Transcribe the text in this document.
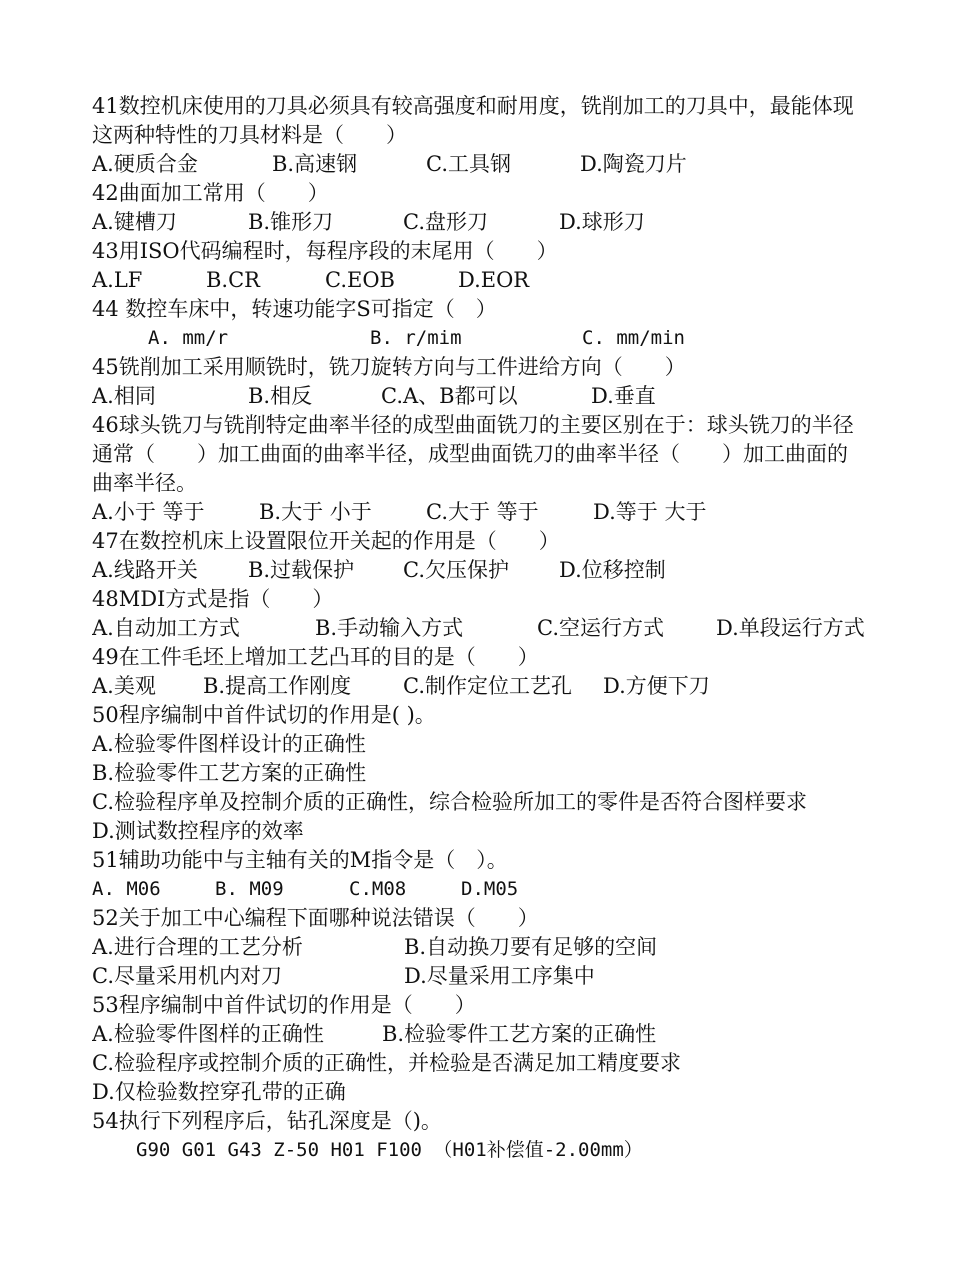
41数控机床使用的刀具必须具有较高强度和耐用度，铣削加工的刀具中，最能体现
这两种特性的刀具材料是（　　）
A.硬质合金	B.高速钢	C.工具钢	D.陶瓷刀片
42曲面加工常用（　　）
A.键槽刀	B.锥形刀	C.盘形刀	D.球形刀
43用ISO代码编程时，每程序段的末尾用（　　）
A.LF	B.CR	C.EOB	D.EOR
44 数控车床中，转速功能字S可指定（　）
A. mm/r	B. r/mim	C. mm/min
45铣削加工采用顺铣时，铣刀旋转方向与工件进给方向（　　）
A.相同	B.相反	C.A、B都可以	D.垂直
46球头铣刀与铣削特定曲率半径的成型曲面铣刀的主要区别在于：球头铣刀的半径
通常（　　）加工曲面的曲率半径，成型曲面铣刀的曲率半径（　　）加工曲面的
曲率半径。
A.小于 等于	B.大于 小于	C.大于 等于	D.等于 大于
47在数控机床上设置限位开关起的作用是（　　）
A.线路开关	B.过载保护	C.欠压保护	D.位移控制
48MDI方式是指（　　）
A.自动加工方式	B.手动输入方式	C.空运行方式	D.单段运行方式
49在工件毛坯上增加工艺凸耳的目的是（　　）
A.美观	B.提高工作刚度	C.制作定位工艺孔	D.方便下刀
50程序编制中首件试切的作用是( )。
A.检验零件图样设计的正确性
B.检验零件工艺方案的正确性
C.检验程序单及控制介质的正确性，综合检验所加工的零件是否符合图样要求
D.测试数控程序的效率
51辅助功能中与主轴有关的M指令是（　）。
A. M06	B. M09	C.M08	D.M05
52关于加工中心编程下面哪种说法错误（　　）
A.进行合理的工艺分析	B.自动换刀要有足够的空间
C.尽量采用机内对刀	D.尽量采用工序集中
53程序编制中首件试切的作用是（　　）
A.检验零件图样的正确性	B.检验零件工艺方案的正确性
C.检验程序或控制介质的正确性，并检验是否满足加工精度要求
D.仅检验数控穿孔带的正确
54执行下列程序后，钻孔深度是（)。
G90 G01 G43 Z-50 H01 F100 （H01补偿值-2.00mm）
